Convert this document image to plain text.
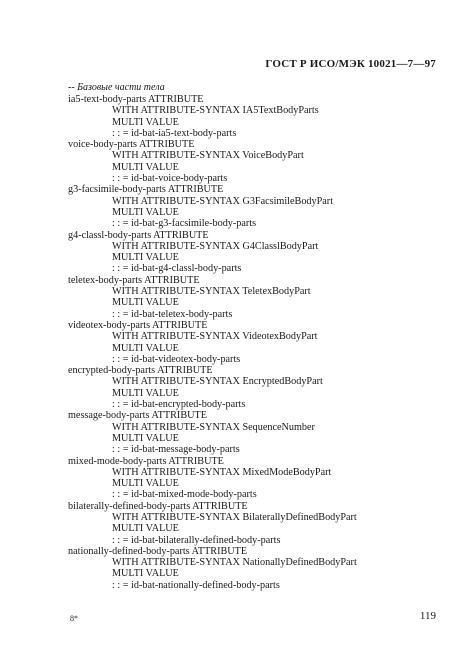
ГОСТ Р ИСО/МЭК 10021—7—97
-- Базовые части тела
ia5-text-body-parts ATTRIBUTE
WITH ATTRIBUTE-SYNTAX IA5TextBodyParts
MULTI VALUE
: : = id-bat-ia5-text-body-parts
voice-body-parts ATTRIBUTE
WITH ATTRIBUTE-SYNTAX VoiceBodyPart
MULTI VALUE
: : = id-bat-voice-body-parts
g3-facsimile-body-parts ATTRIBUTE
WITH ATTRIBUTE-SYNTAX G3FacsimileBodyPart
MULTI VALUE
: : = id-bat-g3-facsimile-body-parts
g4-classl-body-parts ATTRIBUTE
WITH ATTRIBUTE-SYNTAX G4ClasslBodyPart
MULTI VALUE
: : = id-bat-g4-classl-body-parts
teletex-body-parts ATTRIBUTE
WITH ATTRIBUTE-SYNTAX TeletexBodyPart
MULTI VALUE
: : = id-bat-teletex-body-parts
videotex-body-parts ATTRIBUTE
WITH ATTRIBUTE-SYNTAX VideotexBodyPart
MULTI VALUE
: : = id-bat-videotex-body-parts
encrypted-body-parts ATTRIBUTE
WITH ATTRIBUTE-SYNTAX EncryptedBodyPart
MULTI VALUE
: : = id-bat-encrypted-body-parts
message-body-parts ATTRIBUTE
WITH ATTRIBUTE-SYNTAX SequenceNumber
MULTI VALUE
: : = id-bat-message-body-parts
mixed-mode-body-parts ATTRIBUTE
WITH ATTRIBUTE-SYNTAX MixedModeBodyPart
MULTI VALUE
: : = id-bat-mixed-mode-body-parts
bilaterally-defined-body-parts ATTRIBUTE
WITH ATTRIBUTE-SYNTAX BilaterallyDefinedBodyPart
MULTI VALUE
: : = id-bat-bilaterally-defined-body-parts
nationally-defined-body-parts ATTRIBUTE
WITH ATTRIBUTE-SYNTAX NationallyDefinedBodyPart
MULTI VALUE
: : = id-bat-nationally-defined-body-parts
8*	119
